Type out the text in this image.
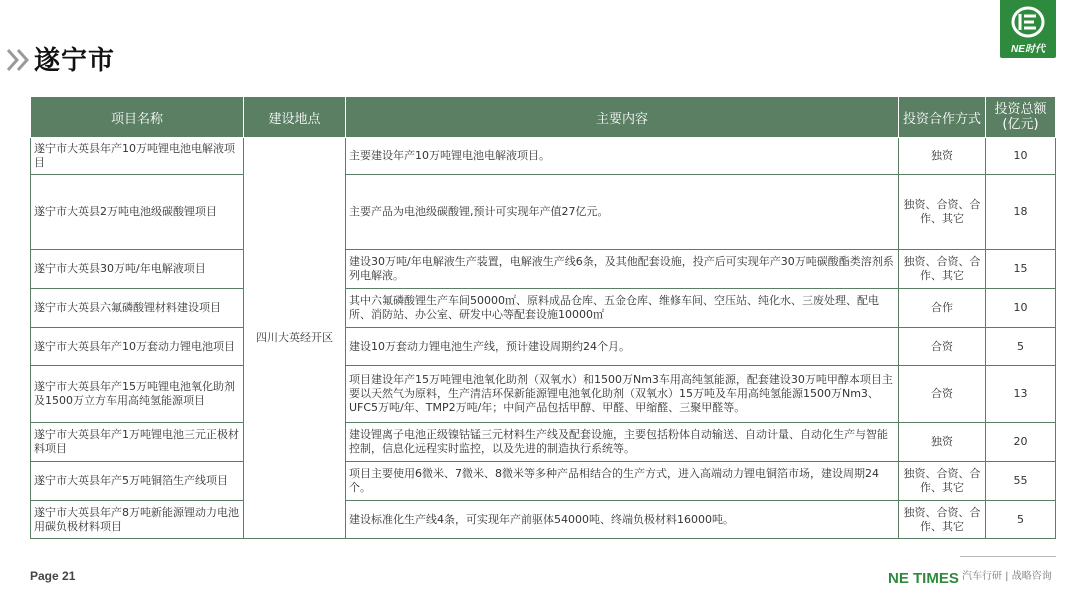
遂宁市	NE时代
项目名称	建设地点	主要内容	投资合作方式	投资总额
(亿元)
遂宁市大英县年产10万吨锂电池电解液项目	四川大英经开区	主要建设年产10万吨锂电池电解液项目。	独资	10
遂宁市大英县2万吨电池级碳酸锂项目		主要产品为电池级碳酸锂,预计可实现年产值27亿元。	独资、合资、合作、其它	18
遂宁市大英县30万吨/年电解液项目		建设30万吨/年电解液生产装置，电解液生产线6条，及其他配套设施，投产后可实现年产30万吨碳酸酯类溶剂系列电解液。	独资、合资、合作、其它	15
遂宁市大英县六氟磷酸锂材料建设项目		其中六氟磷酸锂生产车间50000㎡、原料成品仓库、五金仓库、维修车间、空压站、纯化水、三废处理、配电所、消防站、办公室、研发中心等配套设施10000㎡	合作	10
遂宁市大英县年产10万套动力锂电池项目		建设10万套动力锂电池生产线，预计建设周期约24个月。	合资	5
遂宁市大英县年产15万吨锂电池氧化助剂及1500万立方车用高纯氢能源项目		项目建设年产15万吨锂电池氧化助剂（双氧水）和1500万Nm3车用高纯氢能源，配套建设30万吨甲醇本项目主要以天然气为原料，生产清洁环保新能源锂电池氧化助剂（双氧水）15万吨及车用高纯氢能源1500万Nm3、UFC5万吨/年、TMP2万吨/年；中间产品包括甲醇、甲醛、甲缩醛、三聚甲醛等。	合资	13
遂宁市大英县年产1万吨锂电池三元正极材料项目		建设锂离子电池正级镍钴锰三元材料生产线及配套设施，主要包括粉体自动输送、自动计量、自动化生产与智能控制，信息化远程实时监控，以及先进的制造执行系统等。	独资	20
遂宁市大英县年产5万吨铜箔生产线项目		项目主要使用6微米、7微米、8微米等多种产品相结合的生产方式，进入高端动力锂电铜箔市场，建设周期24个。	独资、合资、合作、其它	55
遂宁市大英县年产8万吨新能源锂动力电池用碳负极材料项目		建设标准化生产线4条，可实现年产前驱体54000吨、终端负极材料16000吨。	独资、合资、合作、其它	5
Page 21	NE TIMES 汽车行研 | 战略咨询
